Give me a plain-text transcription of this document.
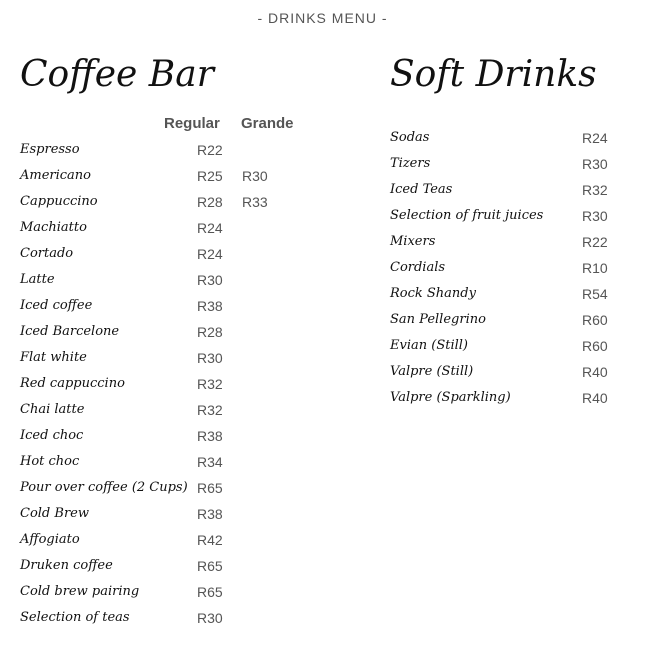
- DRINKS MENU -
Coffee Bar	Soft Drinks
Regular Grande
Espresso	R22
Americano	R25 R30
Cappuccino	R28 R33
Machiatto	R24
Cortado	R24
Latte	R30
Iced coffee	R38
Iced Barcelone	R28
Flat white	R30
Red cappuccino	R32
Chai latte	R32
Iced choc	R38
Hot choc	R34
Pour over coffee (2 Cups) R65
Cold Brew	R38
Affogiato	R42
Druken coffee	R65
Cold brew pairing	R65
Selection of teas	R30
Sodas	R24
Tizers	R30
Iced Teas	R32
Selection of fruit juices	R30
Mixers	R22
Cordials	R10
Rock Shandy	R54
San Pellegrino	R60
Evian (Still)	R60
Valpre (Still)	R40
Valpre (Sparkling)	R40
